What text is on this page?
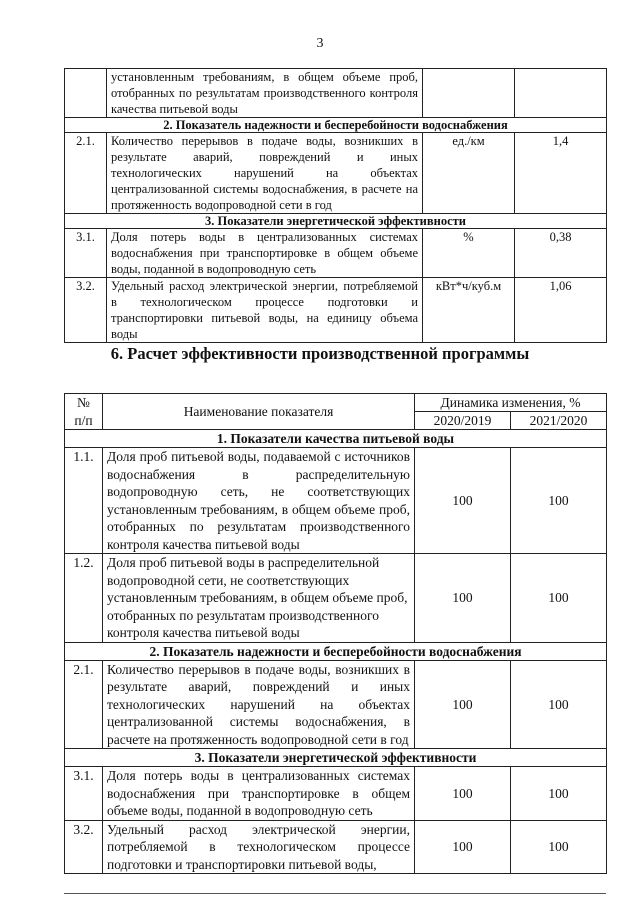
3
	установленным требованиям, в общем объеме проб, отобранных по результатам производственного контроля качества питьевой воды		
2. Показатель надежности и бесперебойности водоснабжения			
2.1.	Количество перерывов в подаче воды, возникших в результате аварий, повреждений и иных технологических нарушений на объектах централизованной системы водоснабжения, в расчете на протяженность водопроводной сети в год	ед./км	1,4
3. Показатели энергетической эффективности			
3.1.	Доля потерь воды в централизованных системах водоснабжения при транспортировке в общем объеме воды, поданной в водопроводную сеть	%	0,38
3.2.	Удельный расход электрической энергии, потребляемой в технологическом процессе подготовки и транспортировки питьевой воды, на единицу объема воды	кВт*ч/куб.м	1,06
6. Расчет эффективности производственной программы
№ п/п	Наименование показателя	Динамика изменения, %	
		2020/2019	2021/2020
1. Показатели качества питьевой воды			
1.1.	Доля проб питьевой воды, подаваемой с источников водоснабжения в распределительную водопроводную сеть, не соответствующих установленным требованиям, в общем объеме проб, отобранных по результатам производственного контроля качества питьевой воды	100	100
1.2.	Доля проб питьевой воды в распределительной водопроводной сети, не соответствующих установленным требованиям, в общем объеме проб, отобранных по результатам производственного контроля качества питьевой воды	100	100
2. Показатель надежности и бесперебойности водоснабжения			
2.1.	Количество перерывов в подаче воды, возникших в результате аварий, повреждений и иных технологических нарушений на объектах централизованной системы водоснабжения, в расчете на протяженность водопроводной сети в год	100	100
3. Показатели энергетической эффективности			
3.1.	Доля потерь воды в централизованных системах водоснабжения при транспортировке в общем объеме воды, поданной в водопроводную сеть	100	100
3.2.	Удельный расход электрической энергии, потребляемой в технологическом процессе подготовки и транспортировки питьевой воды,	100	100
